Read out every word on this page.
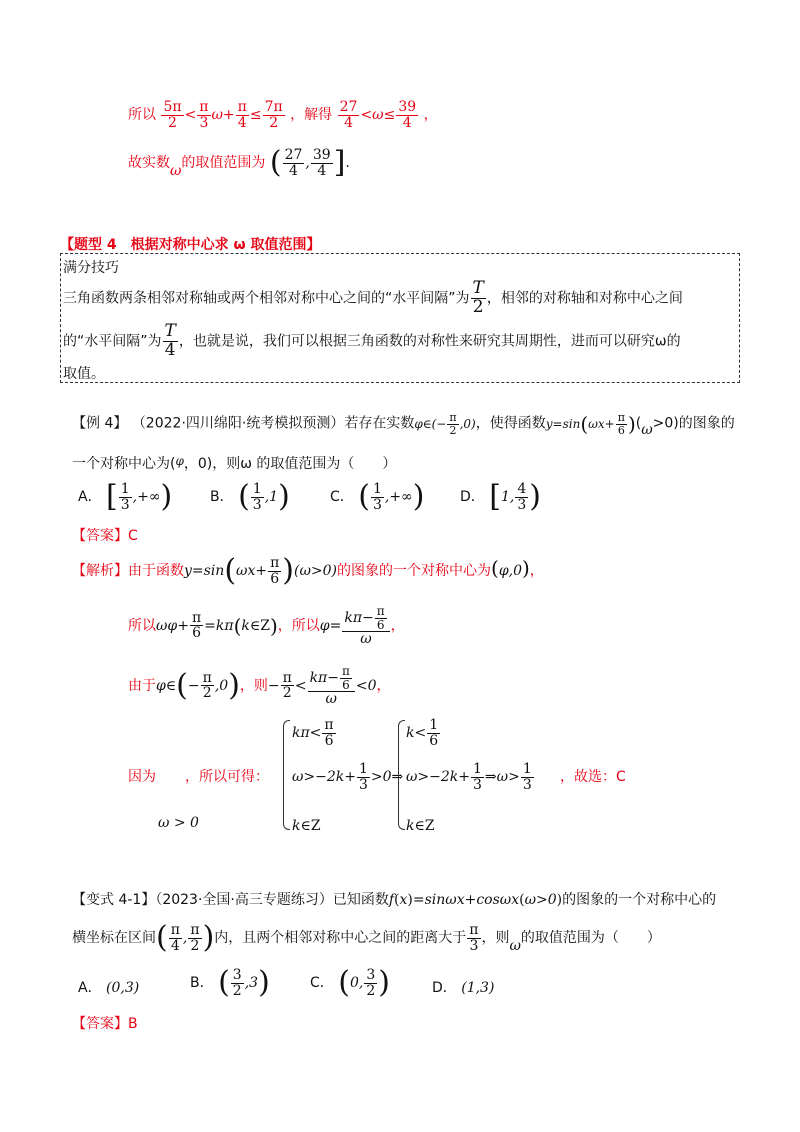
所以 $\frac{5\pi}{2} < \frac{\pi}{3} \omega+ \frac{\pi}{4} \le \frac{7\pi}{2}$ ，解得 $\frac{27}{4} <\omega\le \frac{39}{4}$ ，
故实数ω的取值范围为 ( $\frac{27}{4}$ , $\frac{39}{4}$ ] .
【题型 4　根据对称中心求 ω 取值范围】
满分技巧
三角函数两条相邻对称轴或两个相邻对称中心之间的“水平间隔”为 $\frac{T}{2}$ ，相邻的对称轴和对称中心之间
的“水平间隔”为 $\frac{T}{4}$ ，也就是说，我们可以根据三角函数的对称性来研究其周期性，进而可以研究ω的
取值。
【例 4】 （2022·四川绵阳·统考模拟预测）若存在实数φ∈(− $\frac{\pi}{2} ,0$)，使得函数y=sin ( $\omega x+ \frac{\pi}{6}$ ) (ω>0)的图象的
一个对称中心为(φ，0)，则ω 的取值范围为（　　）
A． [ $\frac{1}{3}$ ,+∞ )	B． ( $\frac{1}{3} ,1$ )	C． ( $\frac{1}{3}$ ,+∞ )	D． [ 1, $\frac{4}{3}$ )
【答案】C
【解析】由于函数y=sin ( $\omega x+ \frac{\pi}{6}$ ) (ω>0)的图象的一个对称中心为(φ,0)，
所以$\omega\varphi+ \frac{\pi}{6} =k\pi$ ( k∈ Z ) ，所以$\varphi= \frac{k\pi- \frac{\pi}{6}}{\omega}$ ，
由于φ∈ ( − $\frac{\pi}{2} ,0$ ) ，则− $\frac{\pi}{2} < \frac{k\pi- \frac{\pi}{6}}{\omega} <0$，
因为 ，所以可得：
$k\pi< \frac{\pi}{6}$
$\omega>-2k+ \frac{1}{3}$ >0⇒
k∈Z
$k< \frac{1}{6}$
$\omega>-2k+ \frac{1}{3}$ ⇒ω> $\frac{1}{3}$
k∈Z
，故选：C
ω > 0
【变式 4-1】（2023·全国·高三专题练习）已知函数f(x)=sinωx+cosωx(ω>0)的图象的一个对称中心的
横坐标在区间 ( $\frac{\pi}{4}$ , $\frac{\pi}{2}$ ) 内，且两个相邻对称中心之间的距离大于 $\frac{\pi}{3}$ ，则ω的取值范围为（　　）
A． (0,3)	B． ( $\frac{3}{2} ,3$ )	C． ( 0, $\frac{3}{2}$ )	D． (1,3)
【答案】B
